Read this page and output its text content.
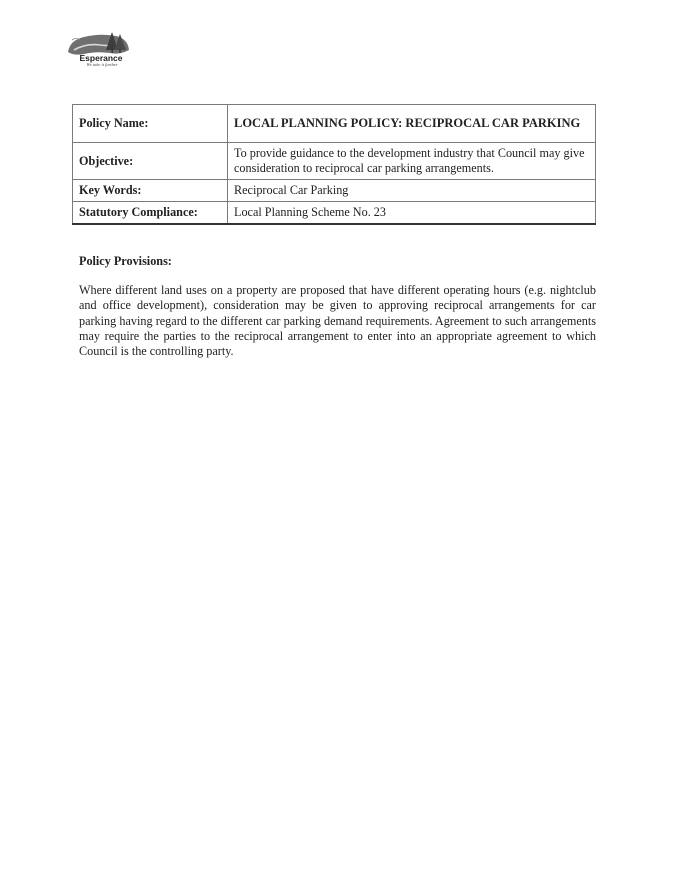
Esperance
We take it further
Policy Name:	LOCAL PLANNING POLICY: RECIPROCAL CAR PARKING
Objective:	To provide guidance to the development industry that Council may give consideration to reciprocal car parking arrangements.
Key Words:	Reciprocal Car Parking
Statutory Compliance:	Local Planning Scheme No. 23
Policy Provisions:

Where different land uses on a property are proposed that have different operating hours (e.g. nightclub and office development), consideration may be given to approving reciprocal arrangements for car parking having regard to the different car parking demand requirements. Agreement to such arrangements may require the parties to the reciprocal arrangement to enter into an appropriate agreement to which Council is the controlling party.
